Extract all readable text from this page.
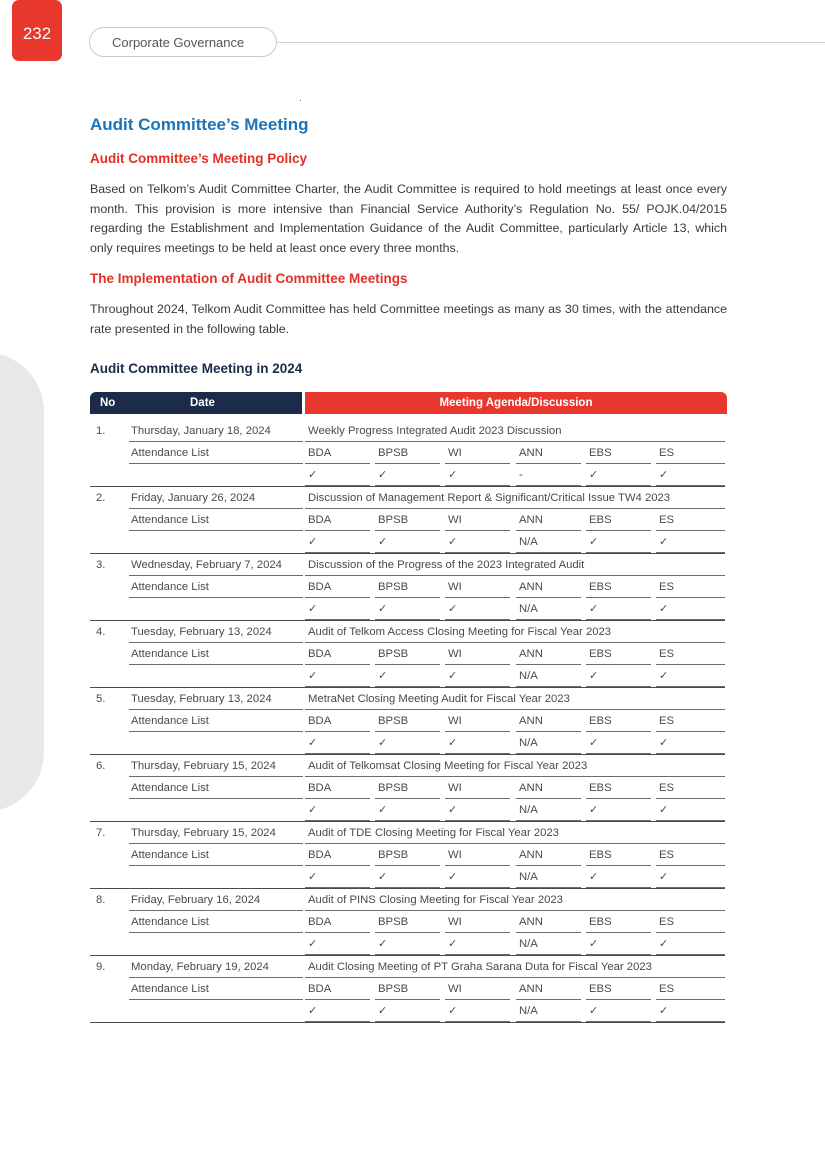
232	Corporate Governance
Audit Committee’s Meeting
Audit Committee’s Meeting Policy
Based on Telkom’s Audit Committee Charter, the Audit Committee is required to hold meetings at least once every month. This provision is more intensive than Financial Service Authority’s Regulation No. 55/ POJK.04/2015 regarding the Establishment and Implementation Guidance of the Audit Committee, particularly Article 13, which only requires meetings to be held at least once every three months.
The Implementation of Audit Committee Meetings
Throughout 2024, Telkom Audit Committee has held Committee meetings as many as 30 times, with the attendance rate presented in the following table.
Audit Committee Meeting in 2024
No	Date	Meeting Agenda/Discussion
1. Thursday, January 18, 2024	Weekly Progress Integrated Audit 2023 Discussion
Attendance List	BDA	BPSB	WI	ANN	EBS	ES
✓	✓	✓	-	✓	✓
2. Friday, January 26, 2024	Discussion of Management Report & Significant/Critical Issue TW4 2023
Attendance List	BDA	BPSB	WI	ANN	EBS	ES
✓	✓	✓	N/A	✓	✓
3. Wednesday, February 7, 2024	Discussion of the Progress of the 2023 Integrated Audit
Attendance List	BDA	BPSB	WI	ANN	EBS	ES
✓	✓	✓	N/A	✓	✓
4. Tuesday, February 13, 2024	Audit of Telkom Access Closing Meeting for Fiscal Year 2023
Attendance List	BDA	BPSB	WI	ANN	EBS	ES
✓	✓	✓	N/A	✓	✓
5. Tuesday, February 13, 2024	MetraNet Closing Meeting Audit for Fiscal Year 2023
Attendance List	BDA	BPSB	WI	ANN	EBS	ES
✓	✓	✓	N/A	✓	✓
6. Thursday, February 15, 2024	Audit of Telkomsat Closing Meeting for Fiscal Year 2023
Attendance List	BDA	BPSB	WI	ANN	EBS	ES
✓	✓	✓	N/A	✓	✓
7. Thursday, February 15, 2024	Audit of TDE Closing Meeting for Fiscal Year 2023
Attendance List	BDA	BPSB	WI	ANN	EBS	ES
✓	✓	✓	N/A	✓	✓
8. Friday, February 16, 2024	Audit of PINS Closing Meeting for Fiscal Year 2023
Attendance List	BDA	BPSB	WI	ANN	EBS	ES
✓	✓	✓	N/A	✓	✓
9. Monday, February 19, 2024	Audit Closing Meeting of PT Graha Sarana Duta for Fiscal Year 2023
Attendance List	BDA	BPSB	WI	ANN	EBS	ES
✓	✓	✓	N/A	✓	✓
